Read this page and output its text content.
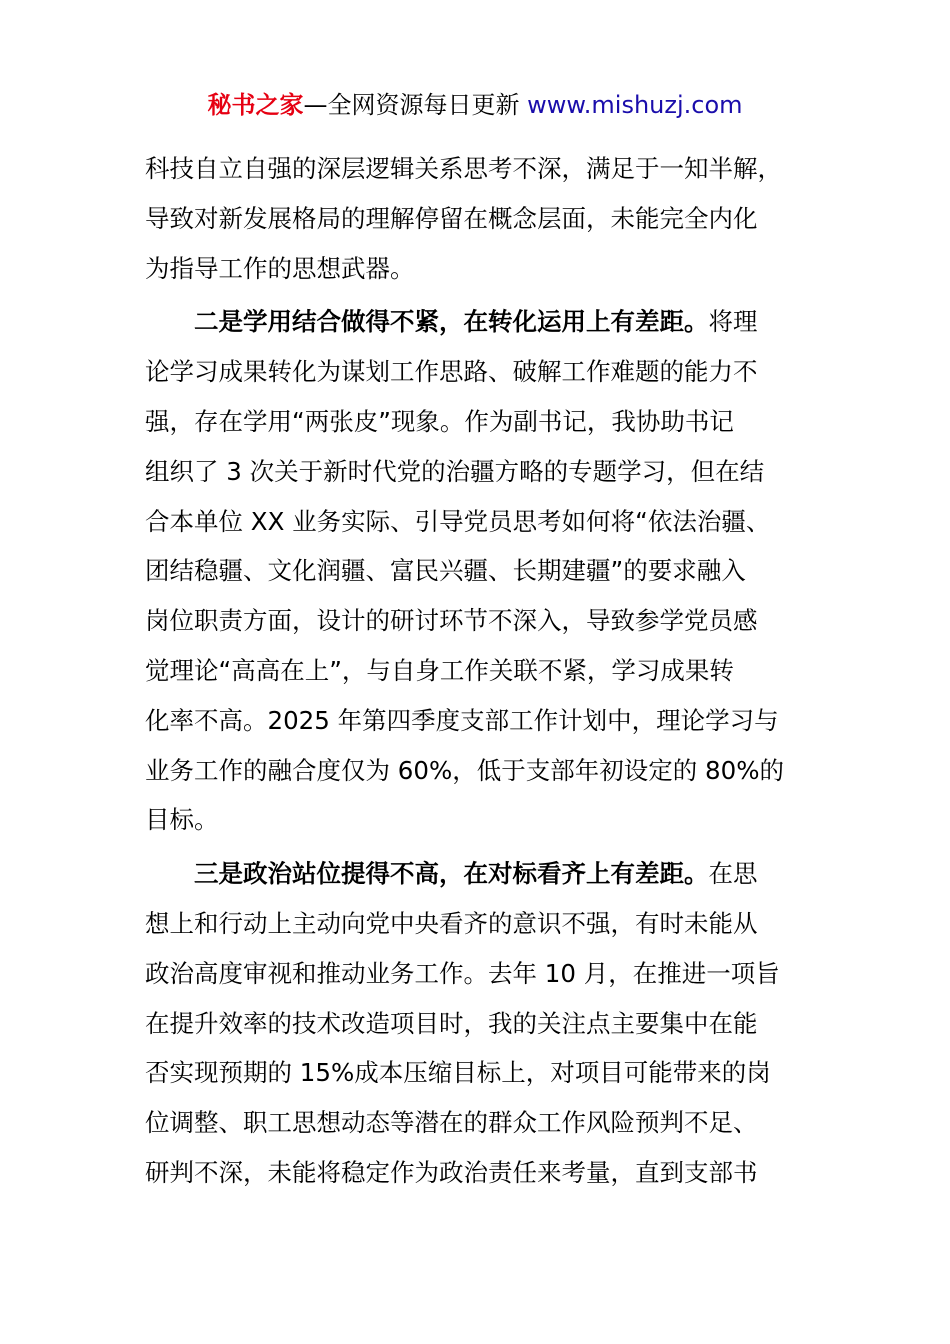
秘书之家—全网资源每日更新 www.mishuzj.com
科技自立自强的深层逻辑关系思考不深，满足于一知半解，
导致对新发展格局的理解停留在概念层面，未能完全内化
为指导工作的思想武器。
二是学用结合做得不紧，在转化运用上有差距。将理
论学习成果转化为谋划工作思路、破解工作难题的能力不
强，存在学用“两张皮”现象。作为副书记，我协助书记
组织了 3 次关于新时代党的治疆方略的专题学习，但在结
合本单位 XX 业务实际、引导党员思考如何将“依法治疆、
团结稳疆、文化润疆、富民兴疆、长期建疆”的要求融入
岗位职责方面，设计的研讨环节不深入，导致参学党员感
觉理论“高高在上”，与自身工作关联不紧，学习成果转
化率不高。2025 年第四季度支部工作计划中，理论学习与
业务工作的融合度仅为 60%，低于支部年初设定的 80%的
目标。
三是政治站位提得不高，在对标看齐上有差距。在思
想上和行动上主动向党中央看齐的意识不强，有时未能从
政治高度审视和推动业务工作。去年 10 月，在推进一项旨
在提升效率的技术改造项目时，我的关注点主要集中在能
否实现预期的 15%成本压缩目标上，对项目可能带来的岗
位调整、职工思想动态等潜在的群众工作风险预判不足、
研判不深，未能将稳定作为政治责任来考量，直到支部书
